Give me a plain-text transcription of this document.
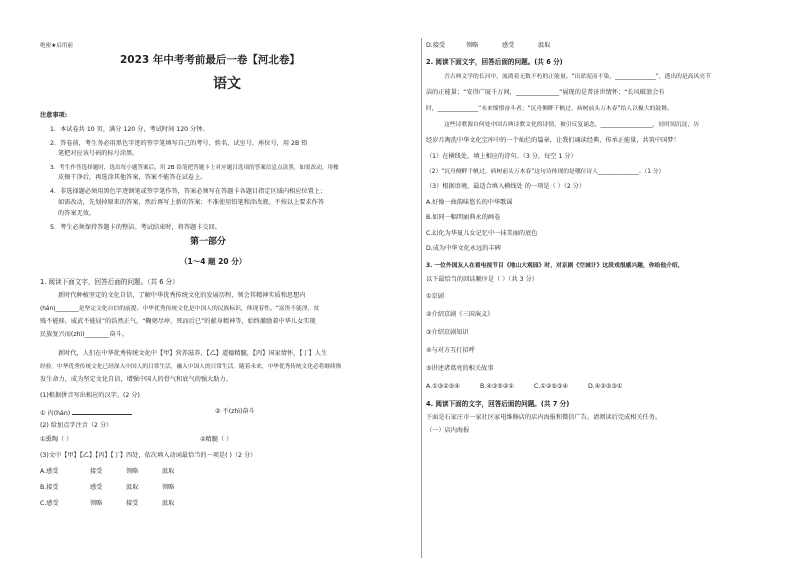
绝密★启用前
2023 年中考考前最后一卷【河北卷】
语文
注意事项:
1．本试卷共 10 页，满分 120 分，考试时间 120 分钟。
2．答卷前，考生务必用黑色字迹的签字笔填写自己的考号、姓名、试室号、座位号，用 2B 铅
笔把对应该号码的标号涂黑。
3．考生作答选择题时，选出每小题答案后，用 2B 铅笔把答题卡上对应题目选项的答案信息点涂黑，如需改动，用橡
皮擦干净后，再选涂其他答案，答案不能答在试卷上。
4．非选择题必须用黑色字迹钢笔或签字笔作答，答案必须写在答题卡各题目指定区域内相应位置上；
如需改动，先划掉原来的答案，然后再写上新的答案；不准使用铅笔和涂改液。不按以上要求作答
的答案无效。
5．考生必须保持答题卡的整洁。考试结束时，将答题卡交回。
第一部分
（1～4 题 20 分）
1. 阅读下面文字，回答后面的问题。（共 6 分）
新时代种植坚定的文化自信，了解中华优秀传统文化的发展历程，领会其精神实质和思想内
(hán)________是坚定文化自信的前提。中华优秀传统文化是中国人的民族标识，体现着性。“富贵不能淫，贫
贱不能移，威武不能屈”的浩然正气，“鞠躬尽瘁，死而后已”的献身精神等，始终激励着中华儿女实现
民族复兴而(zhì)________奋斗。
新时代，人们在中华优秀传统文化中【甲】营养滋养，【乙】道德精髓，【丙】国家情怀，【丁】人生
经验。中华优秀传统文化已经深入中国人的日常生活，融入中国人的日常生活。随着未来，中华优秀传统文化必将继续焕
发生命力，成为坚定文化自信，增强中国人的骨气和底气的强大助力。
(1)根据拼音写出相应的汉字。(2 分)
① 内(hán)	② 不(zhì)奋斗
(2) 给加点字注音（2 分）
①熏陶（ ）	②精髓（ ）
(3)文中【甲】【乙】【丙】【丁】四处，依次填入动词最恰当的一项是( )（2 分）
A.感受	接受	领略	汲取
B.接受	感受	汲取	领略
C.感受	领略	接受	汲取
D.接受	领略	感受	汲取
2. 阅读下面文字，回答后面的问题。(共 6 分)
吾古典文学的长河中，流淌着无数不朽的正能量。“出淤泥而不染，______________”，透出的是高风亮节
洁的正能量；“安得广厦千万间，______________”展现的是普济世情怀；“长风破浪会有
时，______________”未来憧憬奋斗者；“沉舟侧畔千帆过，病树前头万木春”给人以极大的鼓舞。
这些诗歌源自何处中国古典诗歌文化的诗情，被引反复诵念，__________________，轻时间沉淀，历
经岁月淘洗中华文化宝库中的一个灿烂的篇章，让我们诵读经典，传承正能量，共筑中国梦！
（1）在横线处，填上相应的诗句。（3 分，每空 1 分）
（2）“沉舟侧畔千帆过，病树前头万木春”这句诗体现的是哪位诗人______________。（1 分）
（3）根据语境，最适合填入横线处 的一项是（ ）（2 分）
A.好像一曲韵味悠长的中华歌谣
B.如同一幅明丽典永的画卷
C.幻化为华夏儿女记忆中一抹美丽的底色
D.成为中华文化永远的丰碑
3. 一位外国友人在看电视节目《地山大观园》时，对京剧《空城计》这段戏很感兴趣，你给他介绍，
以下最恰当的回话顺序是（ ）（共 3 分）
①京剧
②介绍京剧《三国演义》
③介绍京剧知识
④与对方互打招呼
⑤讲述诸葛亮的相关故事
A.①③②⑤④	B.④③⑤②①	C.①②⑤③④	D.④②⑤③①
4. 阅读下面的文字，回答后面的问题。(共 7 分)
下面是石家庄市一家社区家电维修店的店内海报和微信广告。请阅读后完成相关任务。
（一）店内海报
